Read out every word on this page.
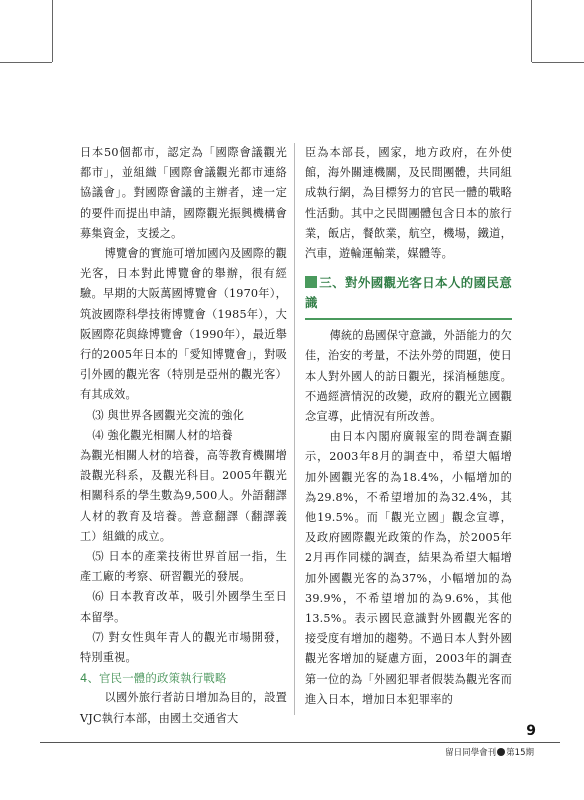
日本50個都市，認定為「國際會議觀光都市」，並組織「國際會議觀光都市連絡協議會」。對國際會議的主辦者，達一定的要件而提出申請，國際觀光振興機構會募集資金，支援之。

博覽會的實施可增加國內及國際的觀光客，日本對此博覽會的舉辦，很有經驗。早期的大阪萬國博覽會（1970年），筑波國際科學技術博覽會（1985年），大阪國際花與綠博覽會（1990年），最近舉行的2005年日本的「愛知博覽會」，對吸引外國的觀光客（特別是亞州的觀光客）有其成效。

⑶ 與世界各國觀光交流的強化

⑷ 強化觀光相關人材的培養

為觀光相關人材的培養，高等教育機關增設觀光科系，及觀光科目。2005年觀光相關科系的學生數為9,500人。外語翻譯人材的教育及培養。善意翻譯（翻譯義工）組織的成立。

⑸ 日本的產業技術世界首屈一指，生產工廠的考察、研習觀光的發展。

⑹ 日本教育改革，吸引外國學生至日本留學。

⑺ 對女性與年青人的觀光市場開發，特別重視。

4、官民一體的政策執行戰略

以國外旅行者訪日增加為目的，設置VJC執行本部，由國土交通省大

臣為本部長，國家，地方政府，在外使館，海外關連機關，及民間團體，共同組成執行網，為目標努力的官民一體的戰略性活動。其中之民間團體包含日本的旅行業，飯店，餐飲業，航空，機場，鐵道，汽車，遊輪運輸業，媒體等。

三、對外國觀光客日本人的國民意識

傳統的島國保守意識，外語能力的欠佳，治安的考量，不法外勞的問題，使日本人對外國人的訪日觀光，採消極態度。不過經濟情況的改變，政府的觀光立國觀念宣導，此情況有所改善。

由日本內閣府廣報室的問卷調查顯示，2003年8月的調查中，希望大幅增加外國觀光客的為18.4%，小幅增加的為29.8%，不希望增加的為32.4%，其他19.5%。而「觀光立國」觀念宣導，及政府國際觀光政策的作為，於2005年2月再作同樣的調查，結果為希望大幅增加外國觀光客的為37%，小幅增加的為39.9%，不希望增加的為9.6%，其他13.5%。表示國民意識對外國觀光客的接受度有增加的趨勢。不過日本人對外國觀光客增加的疑慮方面，2003年的調查第一位的為「外國犯罪者假裝為觀光客而進入日本，增加日本犯罪率的

9
留日同學會刊 第15期
